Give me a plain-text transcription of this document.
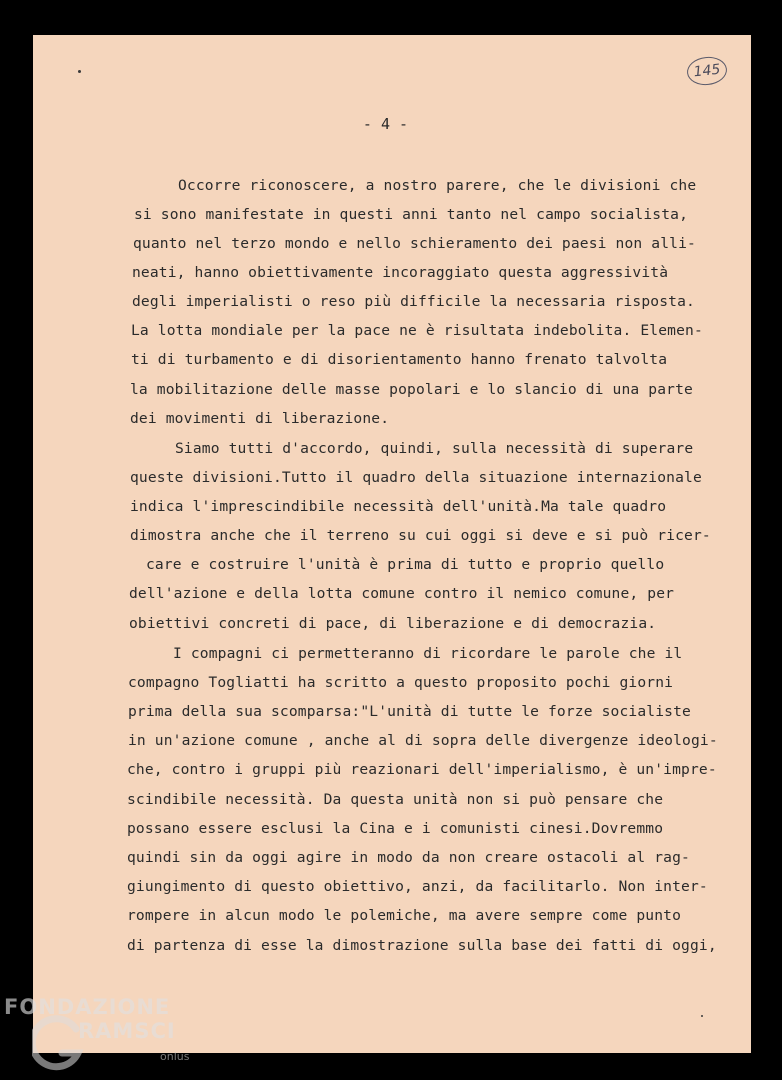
145
- 4 -
Occorre riconoscere, a nostro parere, che le divisioni che
si sono manifestate in questi anni tanto nel campo socialista,
quanto nel terzo mondo e nello schieramento dei paesi non alli-
neati, hanno obiettivamente incoraggiato questa aggressività
degli imperialisti o reso più difficile la necessaria risposta.
La lotta mondiale per la pace ne è risultata indebolita. Elemen-
ti di turbamento e di disorientamento hanno frenato talvolta
la mobilitazione delle masse popolari e lo slancio di una parte
dei movimenti di liberazione.
Siamo tutti d'accordo, quindi, sulla necessità di superare
queste divisioni.Tutto il quadro della situazione internazionale
indica l'imprescindibile necessità dell'unità.Ma tale quadro
dimostra anche che il terreno su cui oggi si deve e si può ricer-
care e costruire l'unità è prima di tutto e proprio quello
dell'azione e della lotta comune contro il nemico comune, per
obiettivi concreti di pace, di liberazione e di democrazia.
I compagni ci permetteranno di ricordare le parole che il
compagno Togliatti ha scritto a questo proposito pochi giorni
prima della sua scomparsa:"L'unità di tutte le forze socialiste
in un'azione comune , anche al di sopra delle divergenze ideologi-
che, contro i gruppi più reazionari dell'imperialismo, è un'impre-
scindibile necessità. Da questa unità non si può pensare che
possano essere esclusi la Cina e i comunisti cinesi.Dovremmo
quindi sin da oggi agire in modo da non creare ostacoli al rag-
giungimento di questo obiettivo, anzi, da facilitarlo. Non inter-
rompere in alcun modo le polemiche, ma avere sempre come punto
di partenza di esse la dimostrazione sulla base dei fatti di oggi,
FONDAZIONE
RAMSCI
onlus
